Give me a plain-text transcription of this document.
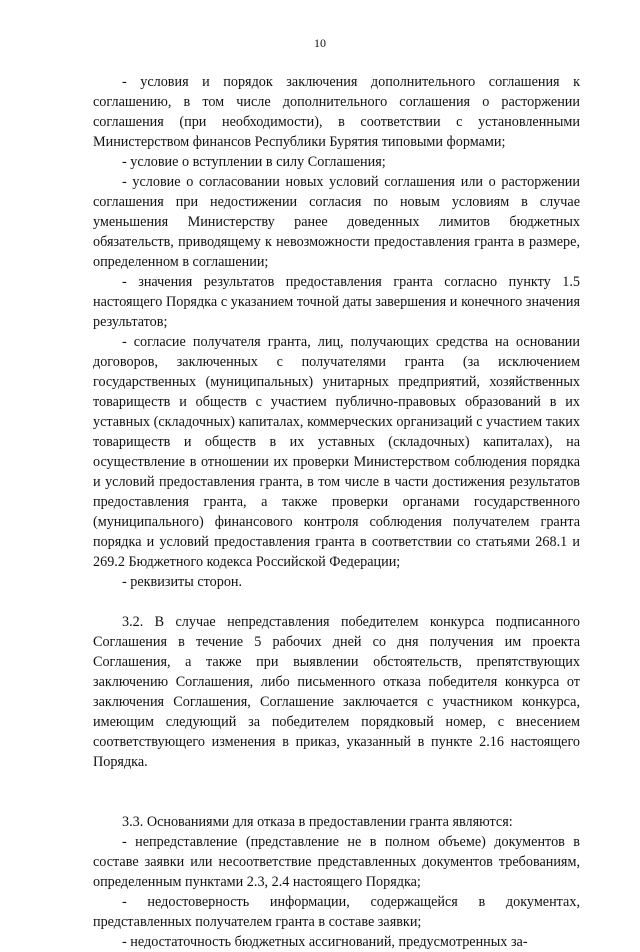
10

- условия и порядок заключения дополнительного соглашения к соглашению, в том числе дополнительного соглашения о расторжении соглашения (при необходимости), в соответствии с установленными Министерством финансов Республики Бурятия типовыми формами;

- условие о вступлении в силу Соглашения;

- условие о согласовании новых условий соглашения или о расторжении соглашения при недостижении согласия по новым условиям в случае уменьшения Министерству ранее доведенных лимитов бюджетных обязательств, приводящему к невозможности предоставления гранта в размере, определенном в соглашении;

- значения результатов предоставления гранта согласно пункту 1.5 настоящего Порядка с указанием точной даты завершения и конечного значения результатов;

- согласие получателя гранта, лиц, получающих средства на основании договоров, заключенных с получателями гранта (за исключением государственных (муниципальных) унитарных предприятий, хозяйственных товариществ и обществ с участием публично-правовых образований в их уставных (складочных) капиталах, коммерческих организаций с участием таких товариществ и обществ в их уставных (складочных) капиталах), на осуществление в отношении их проверки Министерством соблюдения порядка и условий предоставления гранта, в том числе в части достижения результатов предоставления гранта, а также проверки органами государственного (муниципального) финансового контроля соблюдения получателем гранта порядка и условий предоставления гранта в соответствии со статьями 268.1 и 269.2 Бюджетного кодекса Российской Федерации;

- реквизиты сторон.

3.2. В случае непредставления победителем конкурса подписанного Соглашения в течение 5 рабочих дней со дня получения им проекта Соглашения, а также при выявлении обстоятельств, препятствующих заключению Соглашения, либо письменного отказа победителя конкурса от заключения Соглашения, Соглашение заключается с участником конкурса, имеющим следующий за победителем порядковый номер, с внесением соответствующего изменения в приказ, указанный в пункте 2.16 настоящего Порядка.

3.3. Основаниями для отказа в предоставлении гранта являются:

- непредставление (представление не в полном объеме) документов в составе заявки или несоответствие представленных документов требованиям, определенным пунктами 2.3, 2.4 настоящего Порядка;

- недостоверность информации, содержащейся в документах, представленных получателем гранта в составе заявки;

- недостаточность бюджетных ассигнований, предусмотренных за-
